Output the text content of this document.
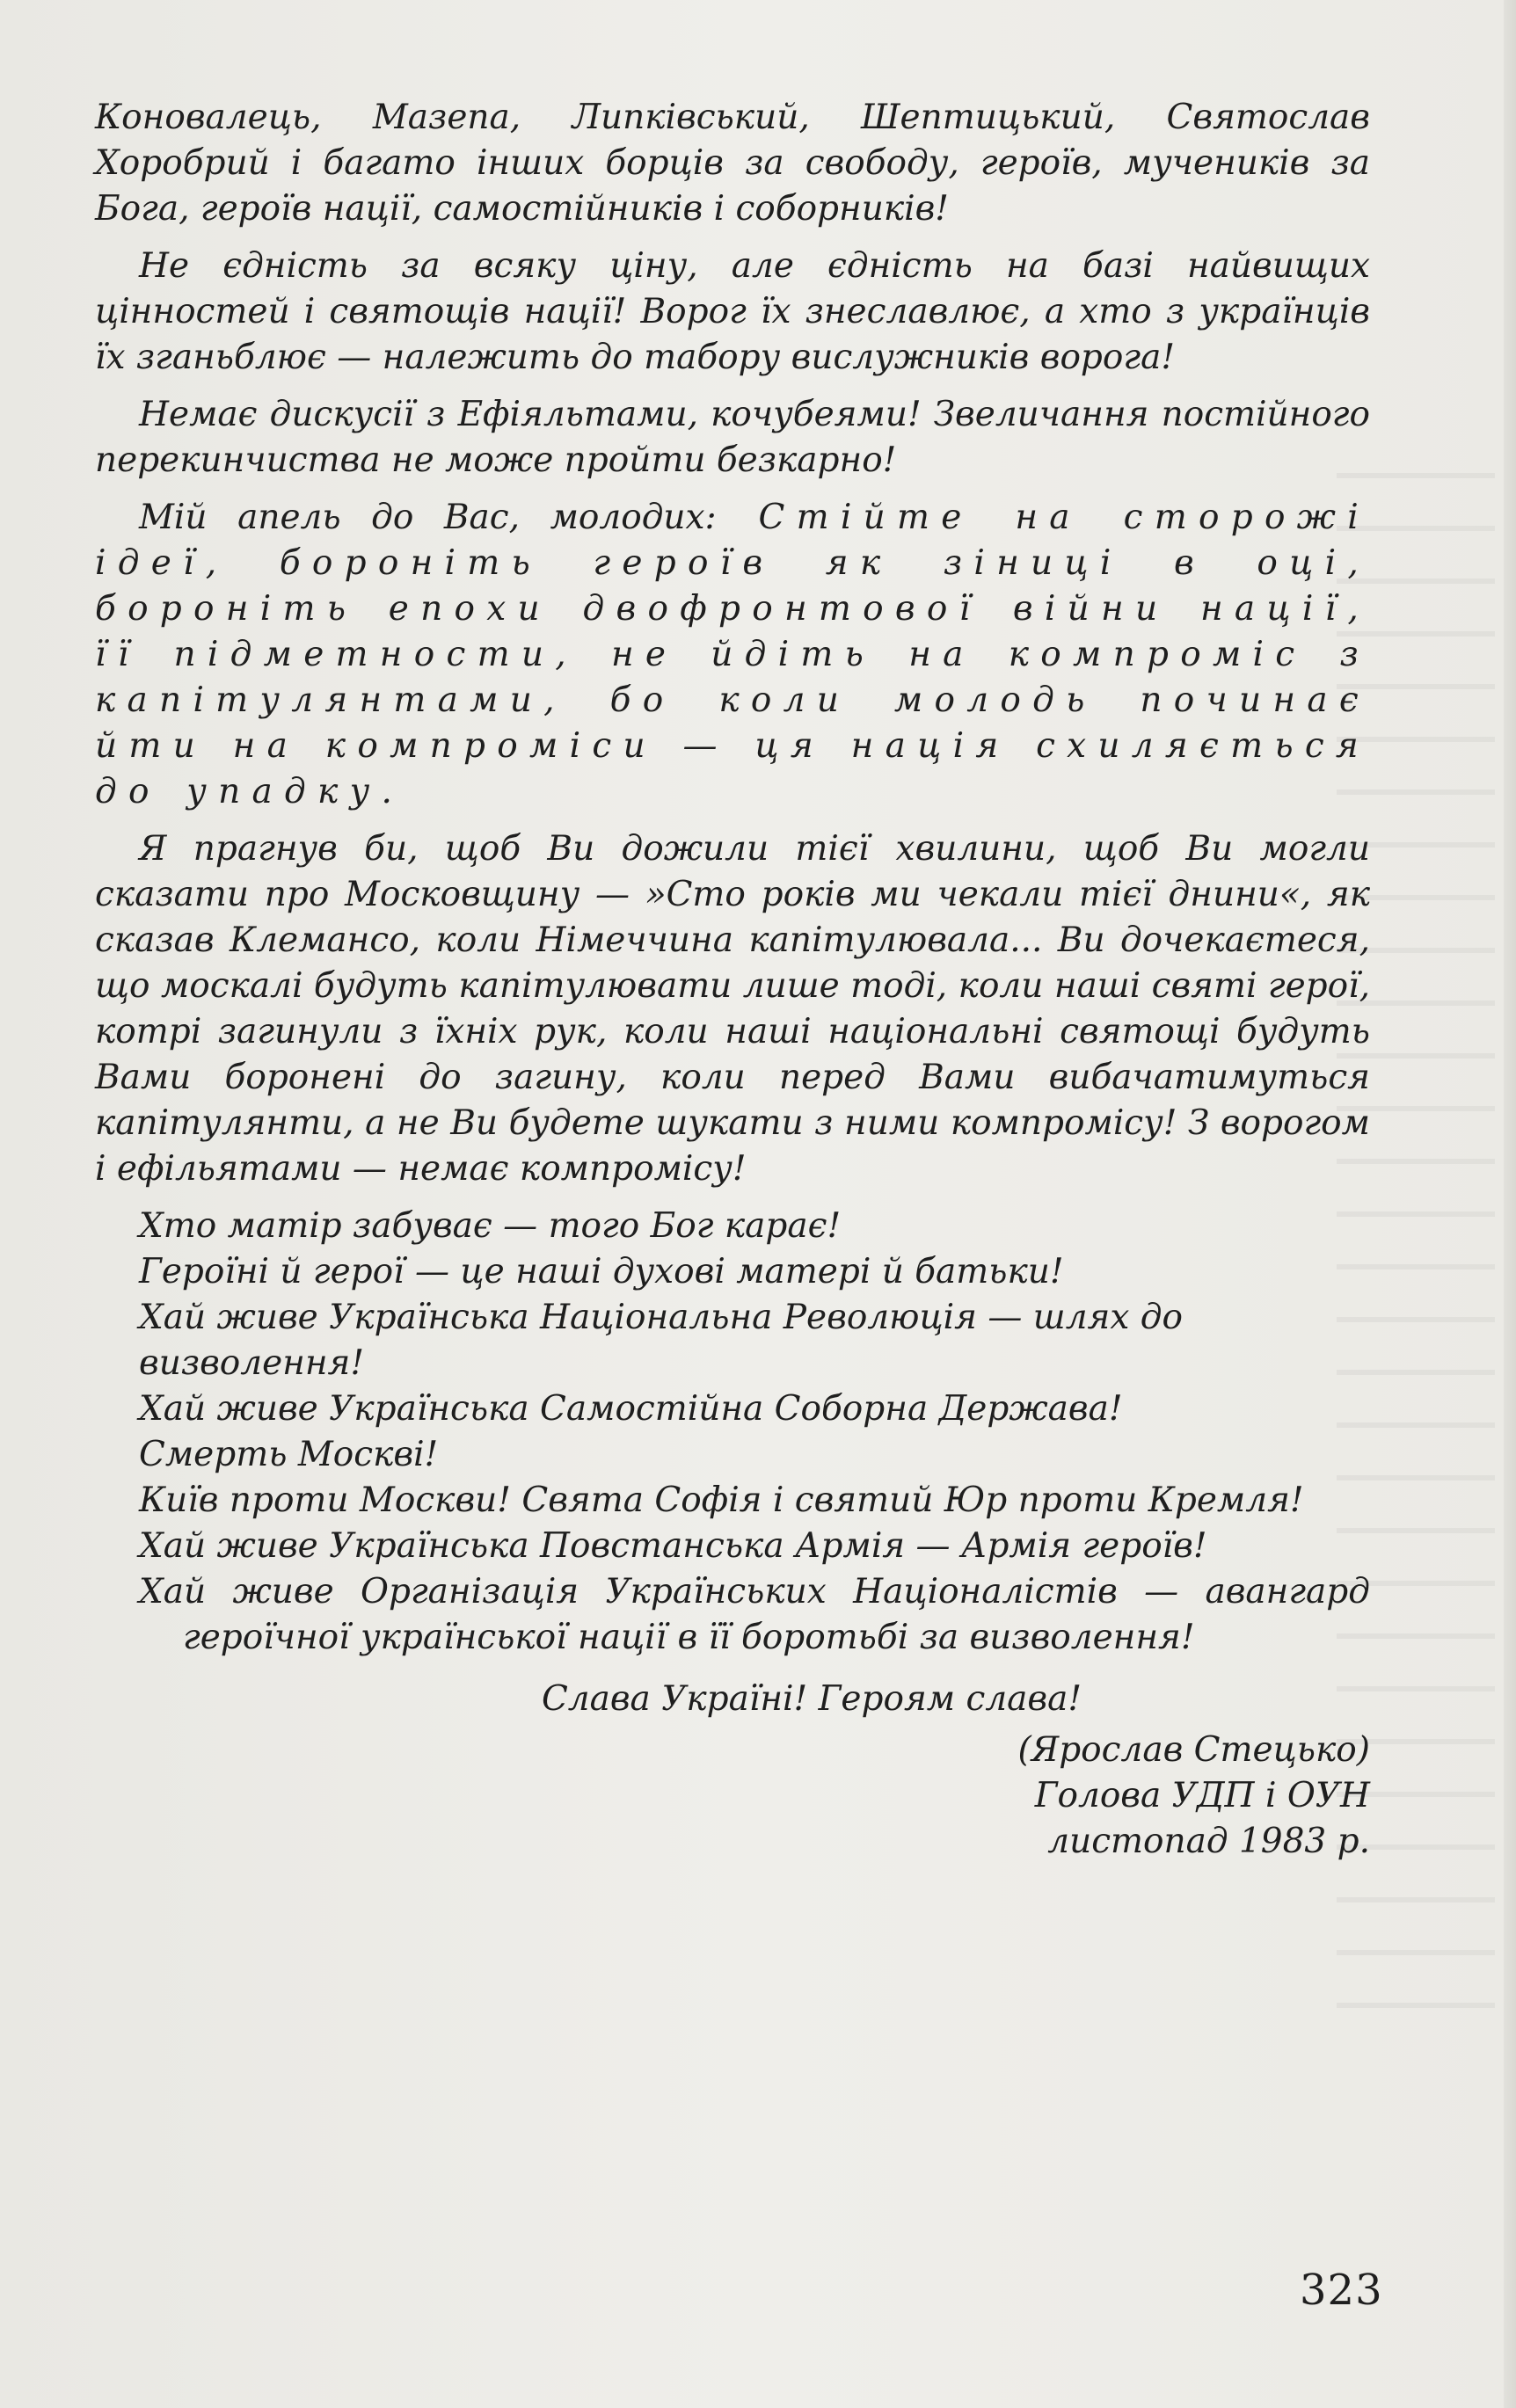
Коновалець, Мазепа, Липківський, Шептицький, Святослав Хоробрий і багато інших борців за свободу, героїв, мучеників за Бога, героїв нації, самостійників і соборників!

Не єдність за всяку ціну, але єдність на базі найвищих цінностей і святощів нації! Ворог їх знеславлює, а хто з українців їх зганьблює — належить до табору вислужників ворога!

Немає дискусії з Ефіяльтами, кочубеями! Звеличання постійного перекинчиства не може пройти безкарно!

Мій апель до Вас, молодих: Стійте на сторожі ідеї, бороніть героїв як зіниці в оці, бороніть епохи двофронтової війни нації, її підметности, не йдіть на компроміс з капітулянтами, бо коли молодь починає йти на компроміси — ця нація схиляється до упадку.

Я прагнув би, щоб Ви дожили тієї хвилини, щоб Ви могли сказати про Московщину — »Сто років ми чекали тієї днини«, як сказав Клемансо, коли Німеччина капітулювала... Ви дочекаєтеся, що москалі будуть капітулювати лише тоді, коли наші святі герої, котрі загинули з їхніх рук, коли наші національні святощі будуть Вами боронені до загину, коли перед Вами вибачатимуться капітулянти, а не Ви будете шукати з ними компромісу! З ворогом і ефільятами — немає компромісу!

Хто матір забуває — того Бог карає!
Героїні й герої — це наші духові матері й батьки!
Хай живе Українська Національна Революція — шлях до визволення!
Хай живе Українська Самостійна Соборна Держава!
Смерть Москві!
Київ проти Москви! Свята Софія і святий Юр проти Кремля!
Хай живе Українська Повстанська Армія — Армія героїв!
Хай живе Організація Українських Націоналістів — авангард героїчної української нації в її боротьбі за визволення!
Слава Україні! Героям слава!
(Ярослав Стецько)
Голова УДП і ОУН
листопад 1983 р.
323
